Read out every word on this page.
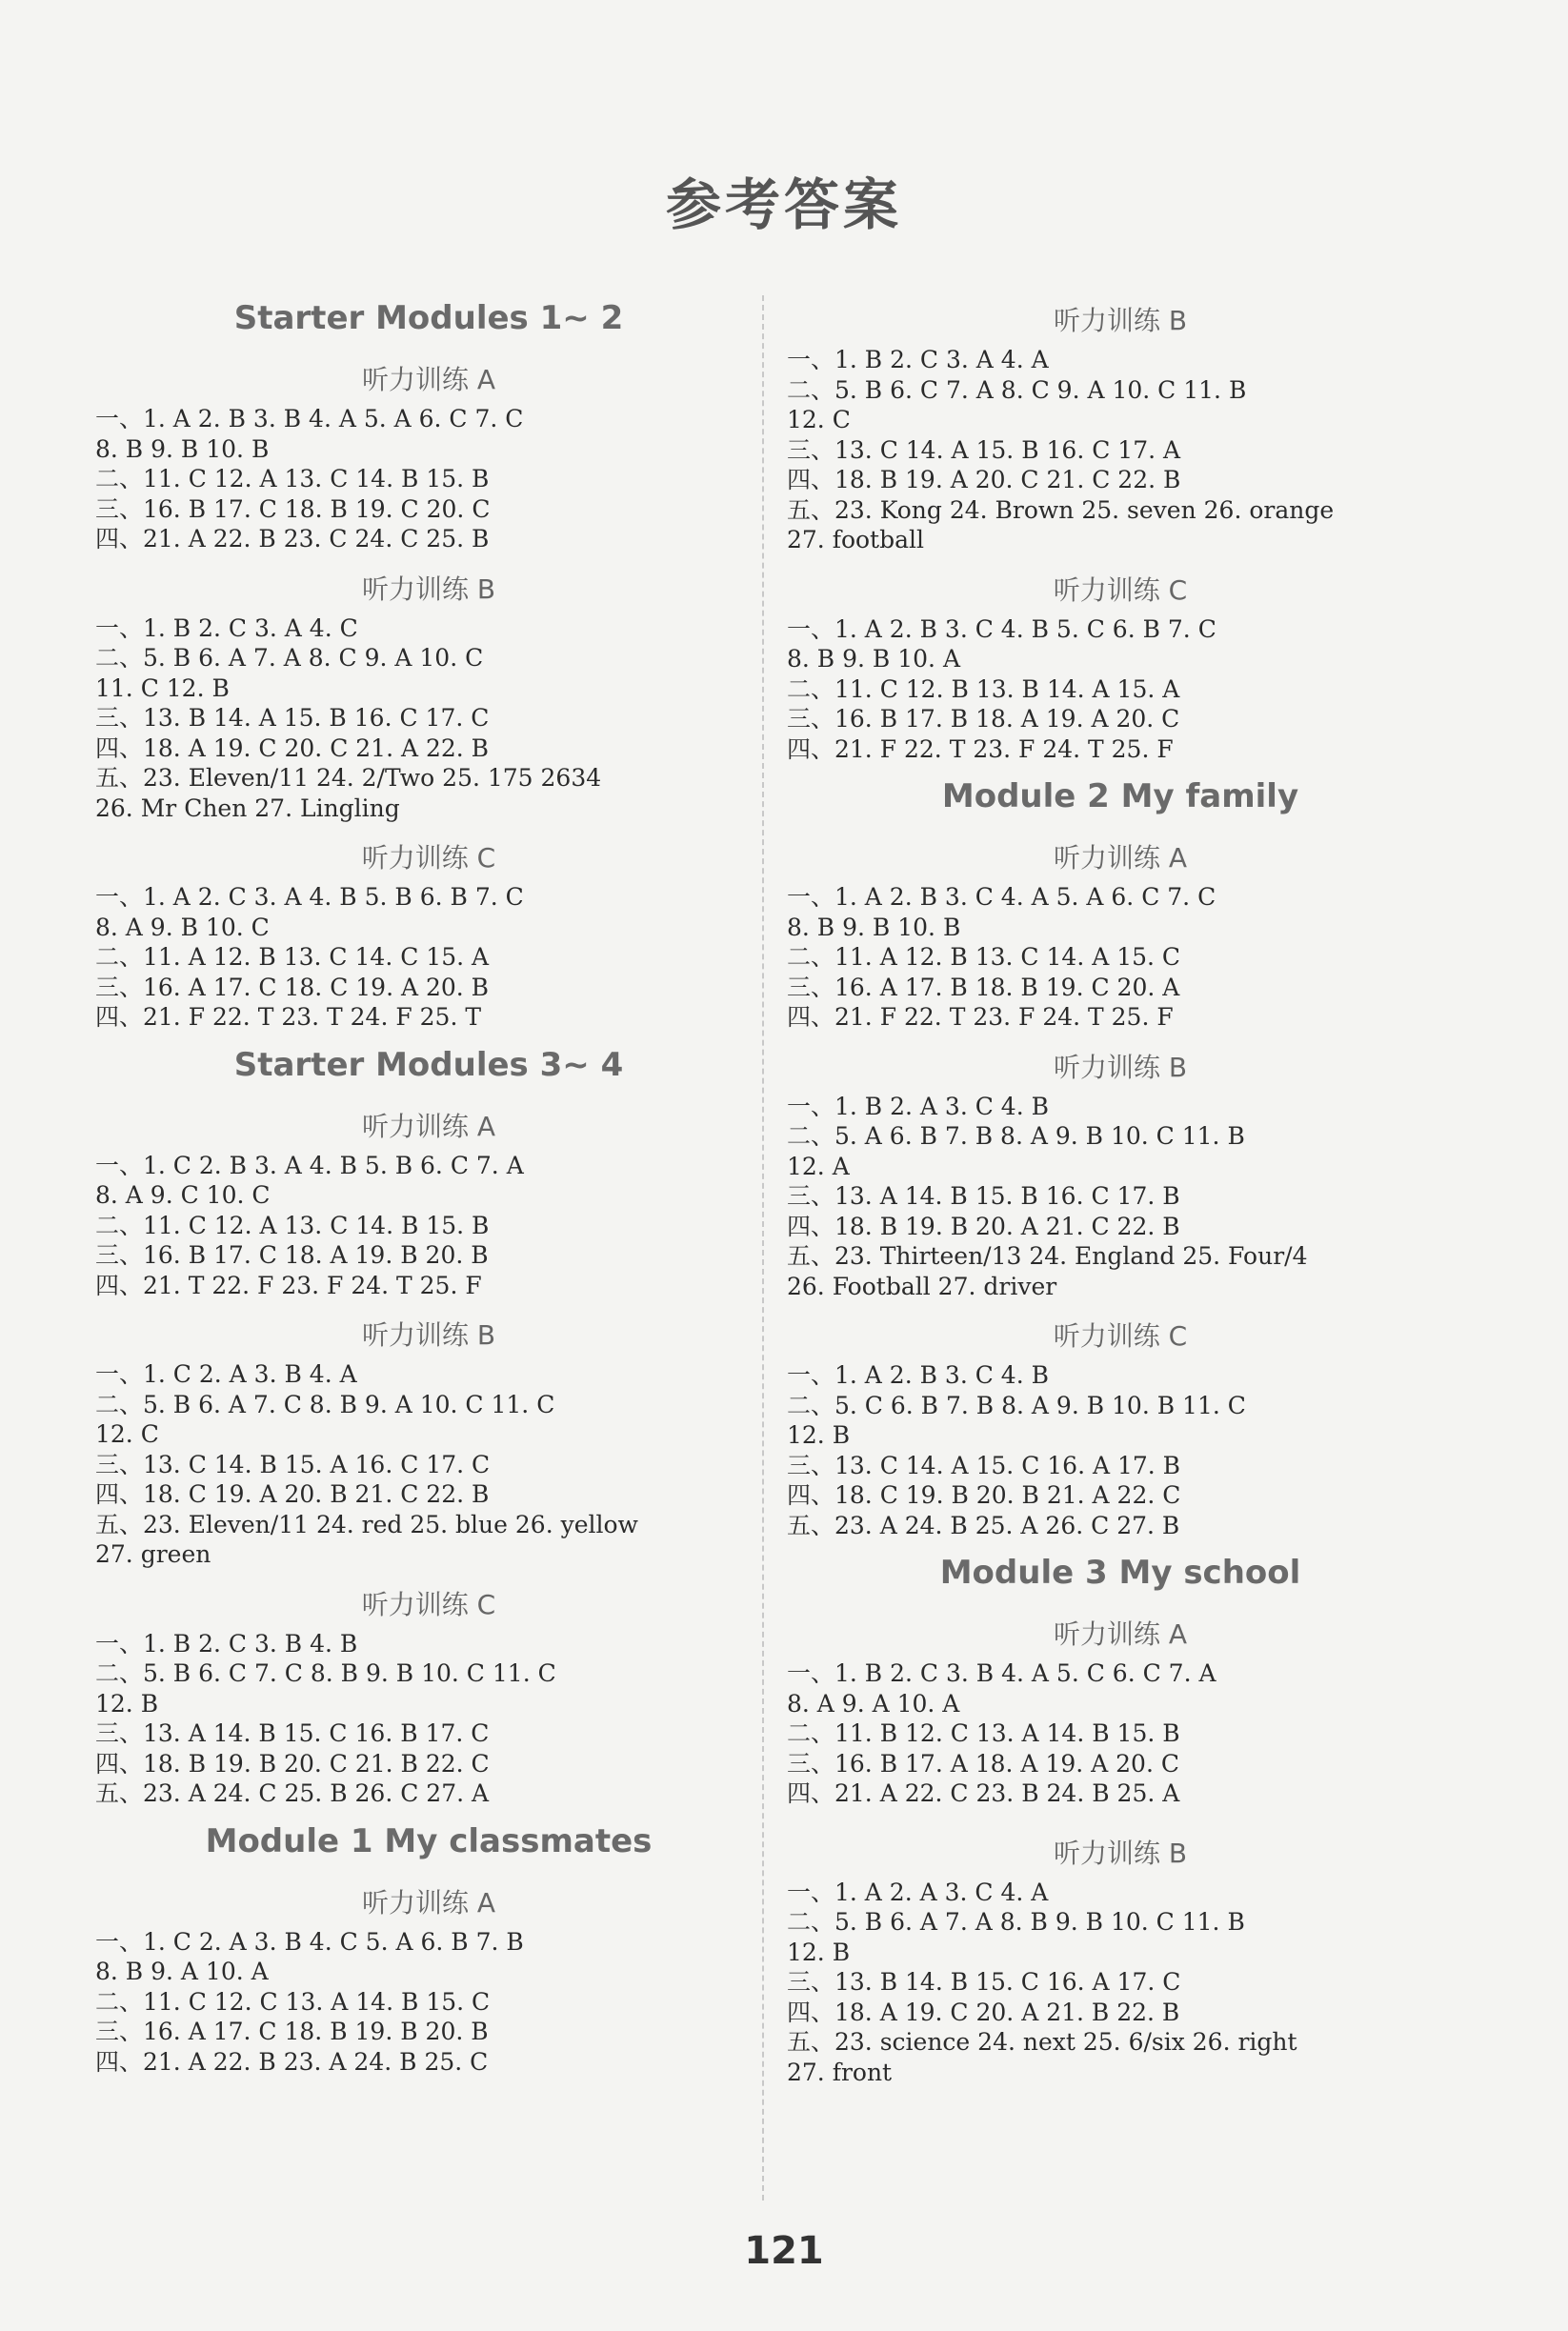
参考答案
Starter Modules 1~ 2
听力训练 A
一、1. A 2. B 3. B 4. A 5. A 6. C 7. C
8. B 9. B 10. B
二、11. C 12. A 13. C 14. B 15. B
三、16. B 17. C 18. B 19. C 20. C
四、21. A 22. B 23. C 24. C 25. B
听力训练 B
一、1. B 2. C 3. A 4. C
二、5. B 6. A 7. A 8. C 9. A 10. C
11. C 12. B
三、13. B 14. A 15. B 16. C 17. C
四、18. A 19. C 20. C 21. A 22. B
五、23. Eleven/11 24. 2/Two 25. 175 2634
26. Mr Chen 27. Lingling
听力训练 C
一、1. A 2. C 3. A 4. B 5. B 6. B 7. C
8. A 9. B 10. C
二、11. A 12. B 13. C 14. C 15. A
三、16. A 17. C 18. C 19. A 20. B
四、21. F 22. T 23. T 24. F 25. T
Starter Modules 3~ 4
听力训练 A
一、1. C 2. B 3. A 4. B 5. B 6. C 7. A
8. A 9. C 10. C
二、11. C 12. A 13. C 14. B 15. B
三、16. B 17. C 18. A 19. B 20. B
四、21. T 22. F 23. F 24. T 25. F
听力训练 B
一、1. C 2. A 3. B 4. A
二、5. B 6. A 7. C 8. B 9. A 10. C 11. C
12. C
三、13. C 14. B 15. A 16. C 17. C
四、18. C 19. A 20. B 21. C 22. B
五、23. Eleven/11 24. red 25. blue 26. yellow
27. green
听力训练 C
一、1. B 2. C 3. B 4. B
二、5. B 6. C 7. C 8. B 9. B 10. C 11. C
12. B
三、13. A 14. B 15. C 16. B 17. C
四、18. B 19. B 20. C 21. B 22. C
五、23. A 24. C 25. B 26. C 27. A
Module 1 My classmates
听力训练 A
一、1. C 2. A 3. B 4. C 5. A 6. B 7. B
8. B 9. A 10. A
二、11. C 12. C 13. A 14. B 15. C
三、16. A 17. C 18. B 19. B 20. B
四、21. A 22. B 23. A 24. B 25. C
听力训练 B
一、1. B 2. C 3. A 4. A
二、5. B 6. C 7. A 8. C 9. A 10. C 11. B
12. C
三、13. C 14. A 15. B 16. C 17. A
四、18. B 19. A 20. C 21. C 22. B
五、23. Kong 24. Brown 25. seven 26. orange
27. football
听力训练 C
一、1. A 2. B 3. C 4. B 5. C 6. B 7. C
8. B 9. B 10. A
二、11. C 12. B 13. B 14. A 15. A
三、16. B 17. B 18. A 19. A 20. C
四、21. F 22. T 23. F 24. T 25. F
Module 2 My family
听力训练 A
一、1. A 2. B 3. C 4. A 5. A 6. C 7. C
8. B 9. B 10. B
二、11. A 12. B 13. C 14. A 15. C
三、16. A 17. B 18. B 19. C 20. A
四、21. F 22. T 23. F 24. T 25. F
听力训练 B
一、1. B 2. A 3. C 4. B
二、5. A 6. B 7. B 8. A 9. B 10. C 11. B
12. A
三、13. A 14. B 15. B 16. C 17. B
四、18. B 19. B 20. A 21. C 22. B
五、23. Thirteen/13 24. England 25. Four/4
26. Football 27. driver
听力训练 C
一、1. A 2. B 3. C 4. B
二、5. C 6. B 7. B 8. A 9. B 10. B 11. C
12. B
三、13. C 14. A 15. C 16. A 17. B
四、18. C 19. B 20. B 21. A 22. C
五、23. A 24. B 25. A 26. C 27. B
Module 3 My school
听力训练 A
一、1. B 2. C 3. B 4. A 5. C 6. C 7. A
8. A 9. A 10. A
二、11. B 12. C 13. A 14. B 15. B
三、16. B 17. A 18. A 19. A 20. C
四、21. A 22. C 23. B 24. B 25. A
听力训练 B
一、1. A 2. A 3. C 4. A
二、5. B 6. A 7. A 8. B 9. B 10. C 11. B
12. B
三、13. B 14. B 15. C 16. A 17. C
四、18. A 19. C 20. A 21. B 22. B
五、23. science 24. next 25. 6/six 26. right
27. front
121
